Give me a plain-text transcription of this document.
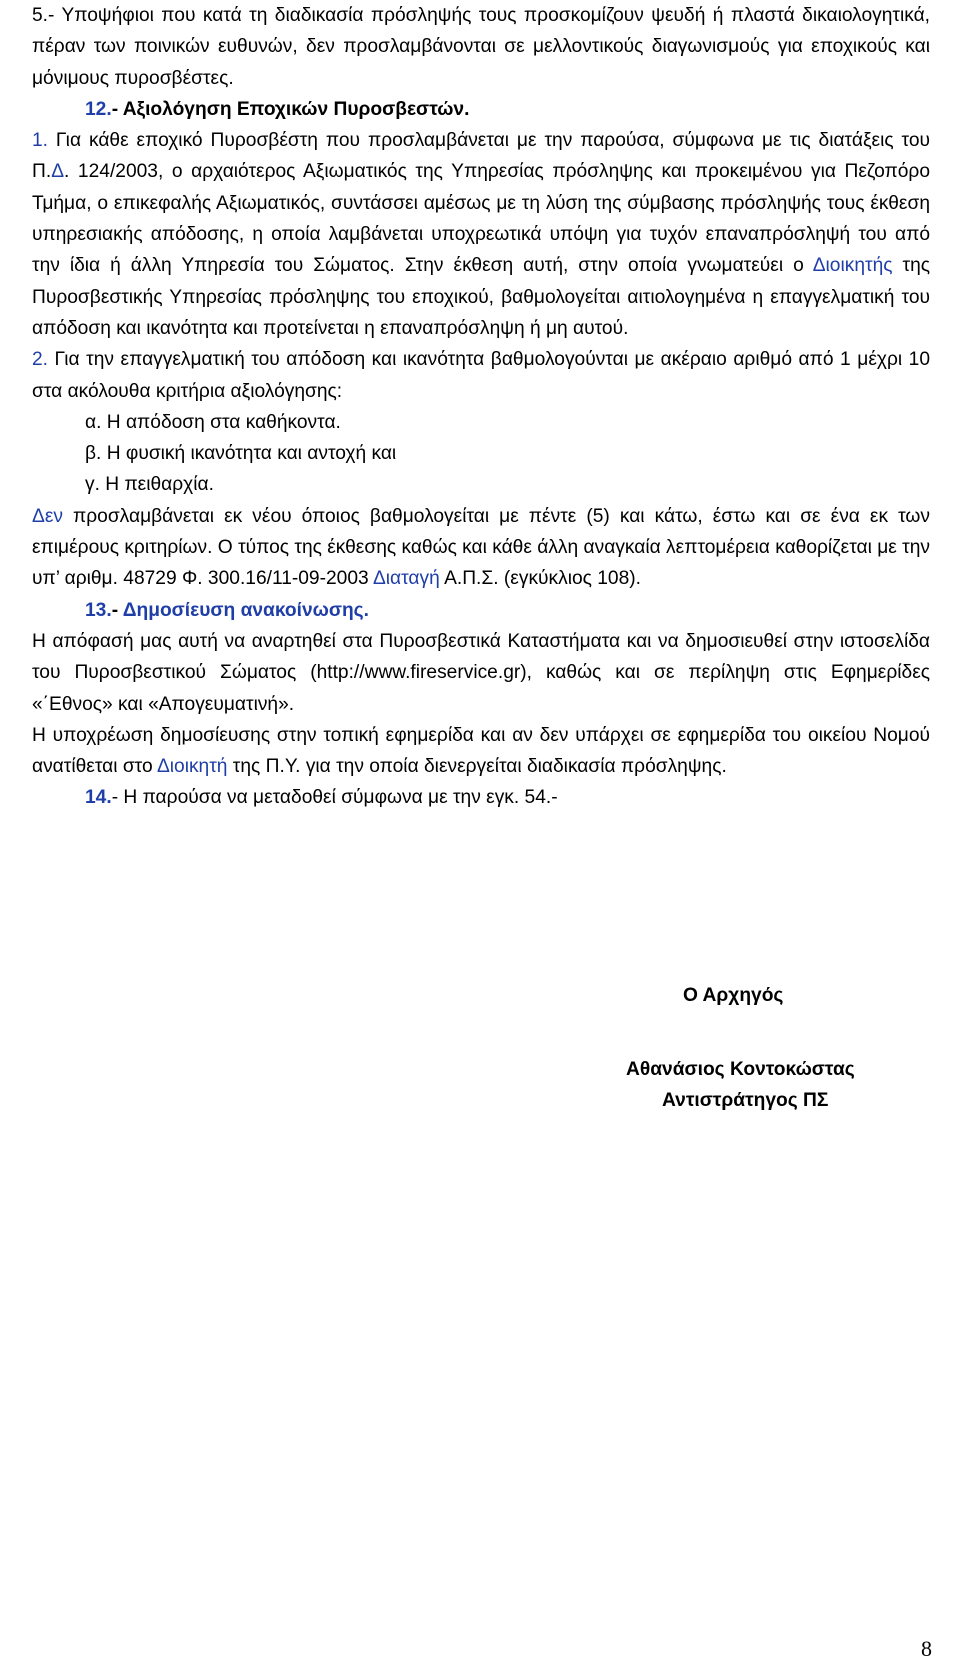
5.- Υποψήφιοι που κατά τη διαδικασία πρόσληψής τους προσκομίζουν ψευδή ή πλαστά δικαιολογητικά, πέραν των ποινικών ευθυνών, δεν προσλαμβάνονται σε μελλοντικούς διαγωνισμούς για εποχικούς και μόνιμους πυροσβέστες.

12.- Αξιολόγηση Εποχικών Πυροσβεστών.

1. Για κάθε εποχικό Πυροσβέστη που προσλαμβάνεται με την παρούσα, σύμφωνα με τις διατάξεις του Π.Δ. 124/2003, ο αρχαιότερος Αξιωματικός της Υπηρεσίας πρόσληψης και προκειμένου για Πεζοπόρο Τμήμα, ο επικεφαλής Αξιωματικός, συντάσσει αμέσως με τη λύση της σύμβασης πρόσληψής τους έκθεση υπηρεσιακής απόδοσης, η οποία λαμβάνεται υποχρεωτικά υπόψη για τυχόν επαναπρόσληψή του από την ίδια ή άλλη Υπηρεσία του Σώματος. Στην έκθεση αυτή, στην οποία γνωματεύει ο Διοικητής της Πυροσβεστικής Υπηρεσίας πρόσληψης του εποχικού, βαθμολογείται αιτιολογημένα η επαγγελματική του απόδοση και ικανότητα και προτείνεται η επαναπρόσληψη ή μη αυτού.

2. Για την επαγγελματική του απόδοση και ικανότητα βαθμολογούνται με ακέραιο αριθμό από 1 μέχρι 10 στα ακόλουθα κριτήρια αξιολόγησης:

α. Η απόδοση στα καθήκοντα.

β. Η φυσική ικανότητα και αντοχή και

γ. Η πειθαρχία.

Δεν προσλαμβάνεται εκ νέου όποιος βαθμολογείται με πέντε (5) και κάτω, έστω και σε ένα εκ των επιμέρους κριτηρίων. Ο τύπος της έκθεσης καθώς και κάθε άλλη αναγκαία λεπτομέρεια καθορίζεται με την υπ’ αριθμ. 48729 Φ. 300.16/11-09-2003 Διαταγή Α.Π.Σ. (εγκύκλιος 108).

13.- Δημοσίευση ανακοίνωσης.

Η απόφασή μας αυτή να αναρτηθεί στα Πυροσβεστικά Καταστήματα και να δημοσιευθεί στην ιστοσελίδα του Πυροσβεστικού Σώματος (http://www.fireservice.gr), καθώς και σε περίληψη στις Εφημερίδες «΄Εθνος» και «Απογευματινή».

Η υποχρέωση δημοσίευσης στην τοπική εφημερίδα και αν δεν υπάρχει σε εφημερίδα του οικείου Νομού ανατίθεται στο Διοικητή της Π.Υ. για την οποία διενεργείται διαδικασία πρόσληψης.

14.- Η παρούσα να μεταδοθεί σύμφωνα με την εγκ. 54.-

Ο Αρχηγός
Αθανάσιος Κοντοκώστας
Αντιστράτηγος ΠΣ
8
